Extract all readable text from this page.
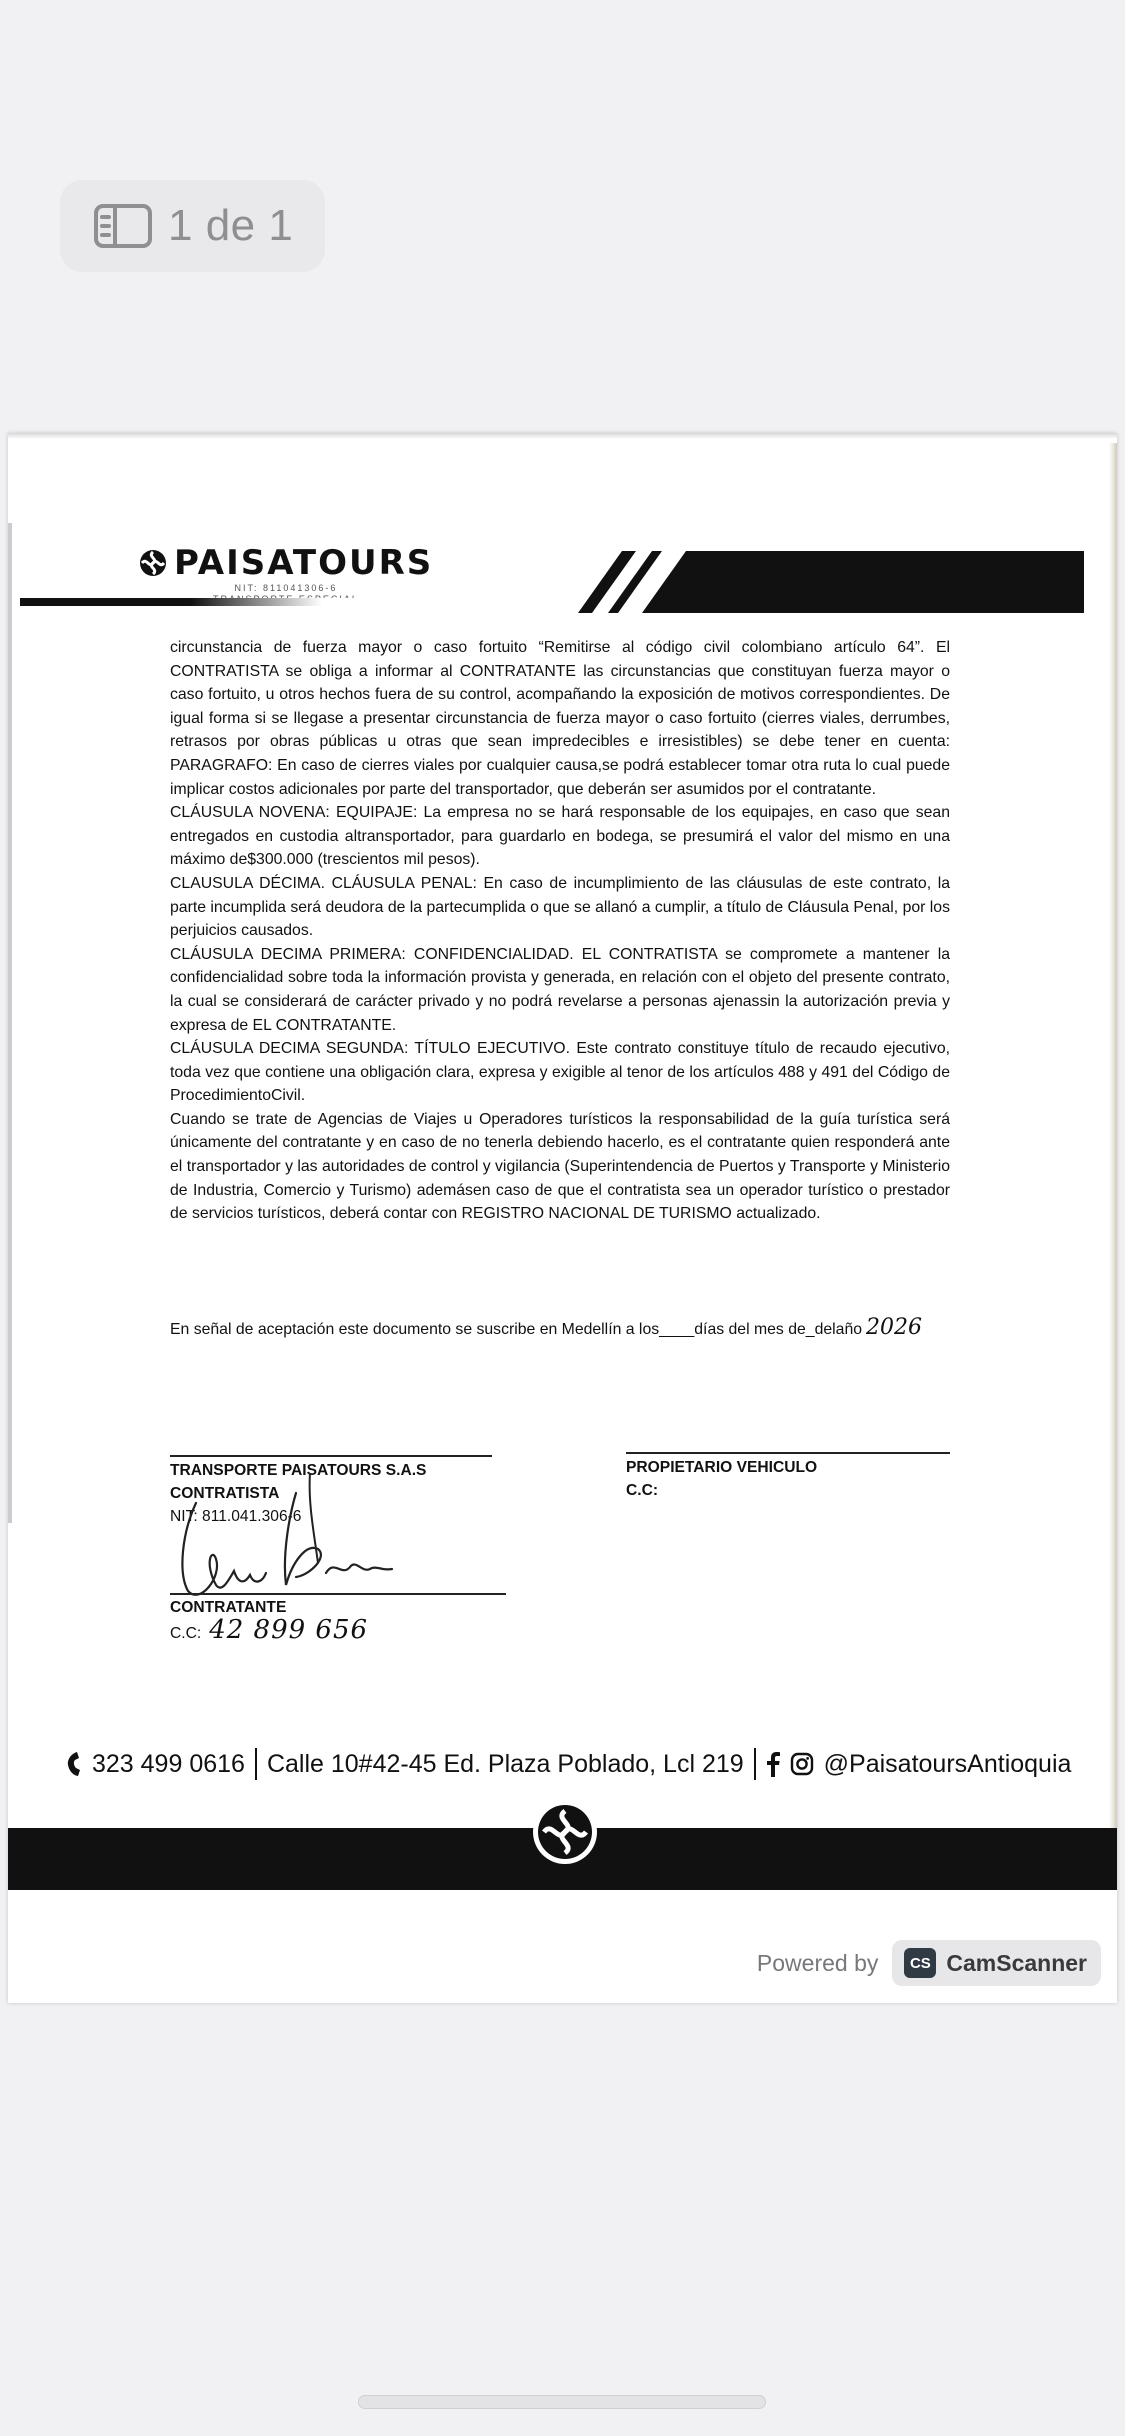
1 de 1
PAISATOURS
NIT: 811041306-6

circunstancia de fuerza mayor o caso fortuito “Remitirse al código civil colombiano artículo 64”. El CONTRATISTA se obliga a informar al CONTRATANTE las circunstancias que constituyan fuerza mayor o caso fortuito, u otros hechos fuera de su control, acompañando la exposición de motivos correspondientes. De igual forma si se llegase a presentar circunstancia de fuerza mayor o caso fortuito (cierres viales, derrumbes, retrasos por obras públicas u otras que sean impredecibles e irresistibles) se debe tener en cuenta: PARAGRAFO: En caso de cierres viales por cualquier causa,se podrá establecer tomar otra ruta lo cual puede implicar costos adicionales por parte del transportador, que deberán ser asumidos por el contratante.

CLÁUSULA NOVENA: EQUIPAJE: La empresa no se hará responsable de los equipajes, en caso que sean entregados en custodia altransportador, para guardarlo en bodega, se presumirá el valor del mismo en una máximo de$300.000 (trescientos mil pesos).

CLAUSULA DÉCIMA. CLÁUSULA PENAL: En caso de incumplimiento de las cláusulas de este contrato, la parte incumplida será deudora de la partecumplida o que se allanó a cumplir, a título de Cláusula Penal, por los perjuicios causados.

CLÁUSULA DECIMA PRIMERA: CONFIDENCIALIDAD. EL CONTRATISTA se compromete a mantener la confidencialidad sobre toda la información provista y generada, en relación con el objeto del presente contrato, la cual se considerará de carácter privado y no podrá revelarse a personas ajenassin la autorización previa y expresa de EL CONTRATANTE.

CLÁUSULA DECIMA SEGUNDA: TÍTULO EJECUTIVO. Este contrato constituye título de recaudo ejecutivo, toda vez que contiene una obligación clara, expresa y exigible al tenor de los artículos 488 y 491 del Código de ProcedimientoCivil.

Cuando se trate de Agencias de Viajes u Operadores turísticos la responsabilidad de la guía turística será únicamente del contratante y en caso de no tenerla debiendo hacerlo, es el contratante quien responderá ante el transportador y las autoridades de control y vigilancia (Superintendencia de Puertos y Transporte y Ministerio de Industria, Comercio y Turismo) ademásen caso de que el contratista sea un operador turístico o prestador de servicios turísticos, deberá contar con REGISTRO NACIONAL DE TURISMO actualizado.

En señal de aceptación este documento se suscribe en Medellín a los____días del mes de_delaño 2026
TRANSPORTE PAISATOURS S.A.S
CONTRATISTA
NIT: 811.041.306-6
PROPIETARIO VEHICULO
C.C:
CONTRATANTE
C.C: 42 899 656
323 499 0616 Calle 10#42-45 Ed. Plaza Poblado, Lcl 219	@PaisatoursAntioquia
Powered by	CS CamScanner
